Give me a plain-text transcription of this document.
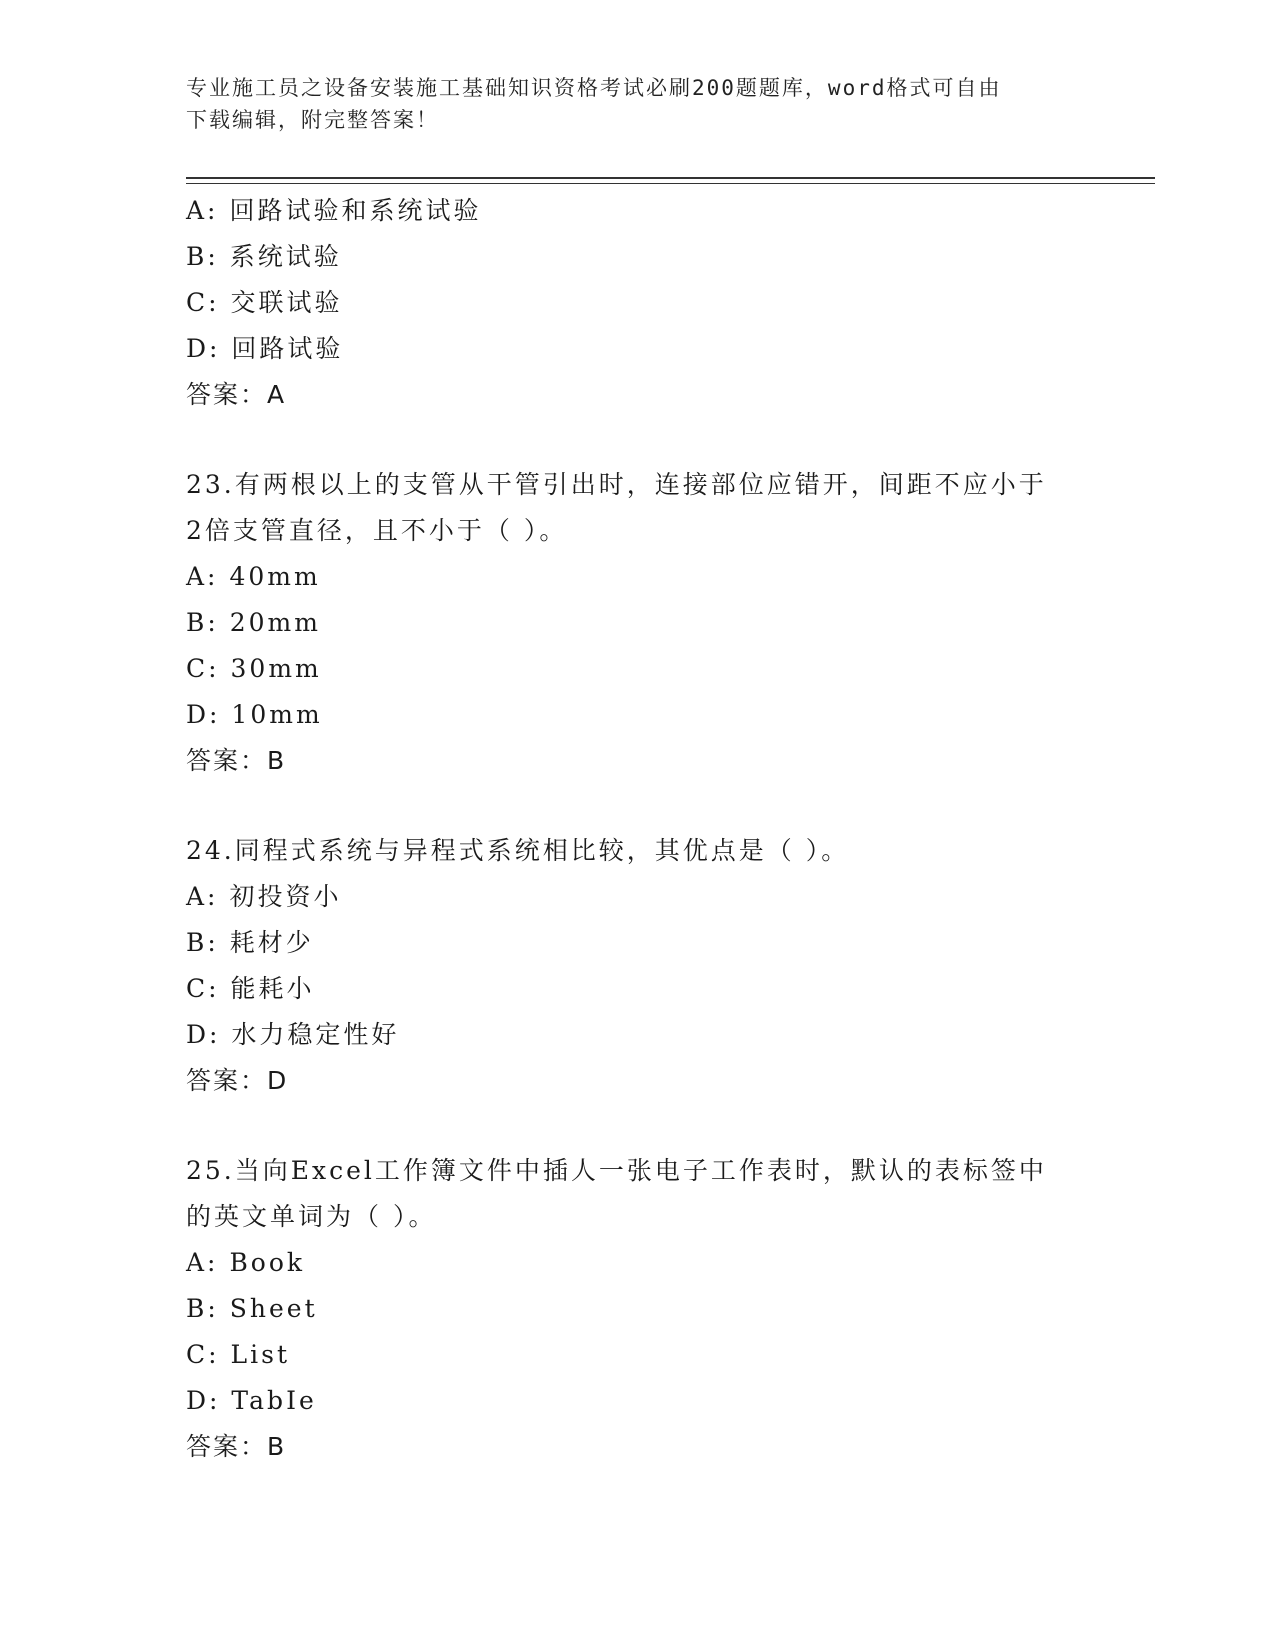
专业施工员之设备安装施工基础知识资格考试必刷200题题库，word格式可自由
下载编辑，附完整答案！
A: 回路试验和系统试验
B: 系统试验
C: 交联试验
D: 回路试验
答案：A
23.有两根以上的支管从干管引出时，连接部位应错开，间距不应小于
2倍支管直径，且不小于（ ）。
A: 40mm
B: 20mm
C: 30mm
D: 10mm
答案：B
24.同程式系统与异程式系统相比较，其优点是（ ）。
A: 初投资小
B: 耗材少
C: 能耗小
D: 水力稳定性好
答案：D
25.当向Excel工作簿文件中插人一张电子工作表时，默认的表标签中
的英文单词为（ ）。
A: Book
B: Sheet
C: List
D: TabIe
答案：B
